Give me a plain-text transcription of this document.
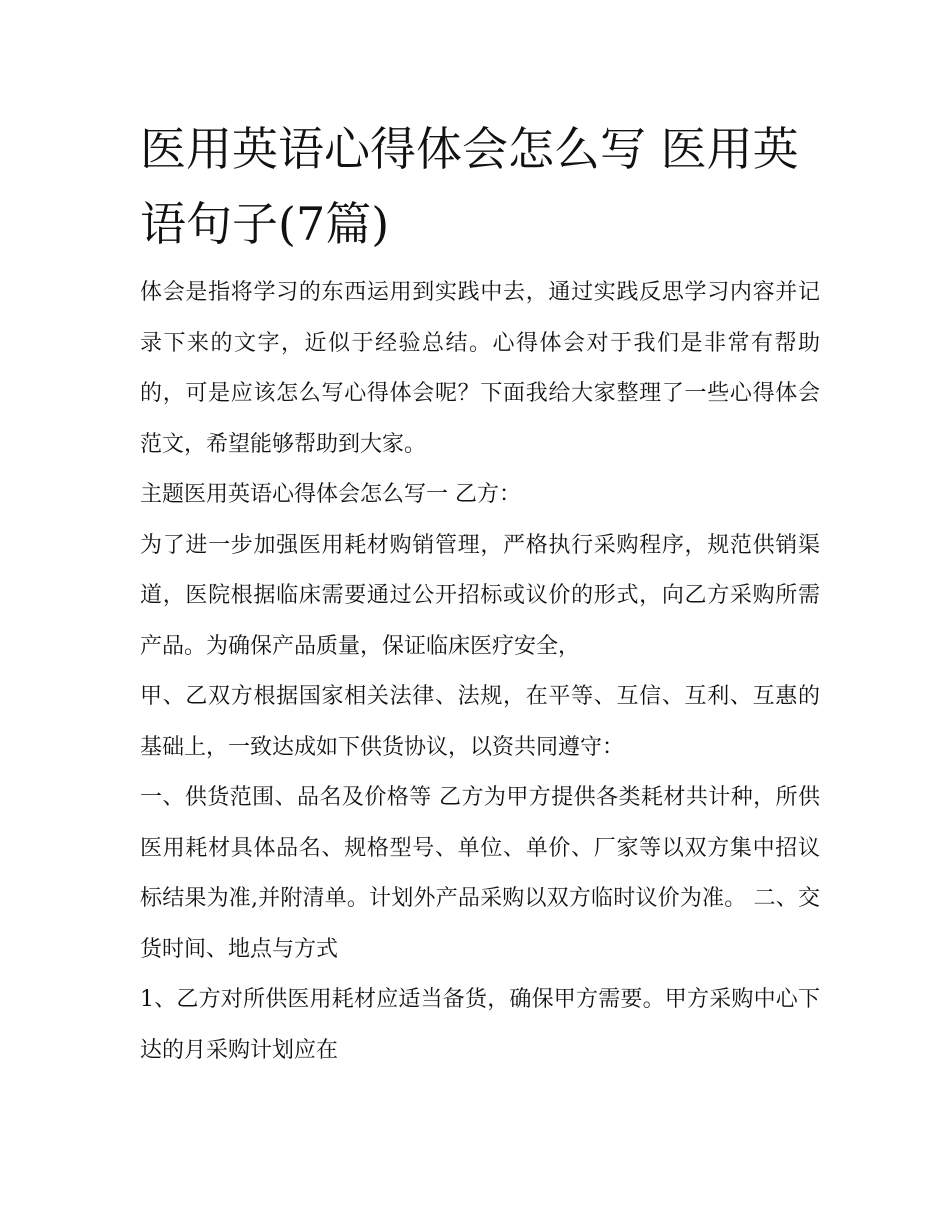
医用英语心得体会怎么写 医用英语句子(7篇)

体会是指将学习的东西运用到实践中去，通过实践反思学习内容并记录下来的文字，近似于经验总结。心得体会对于我们是非常有帮助的，可是应该怎么写心得体会呢？下面我给大家整理了一些心得体会范文，希望能够帮助到大家。

主题医用英语心得体会怎么写一 乙方：

为了进一步加强医用耗材购销管理，严格执行采购程序，规范供销渠道，医院根据临床需要通过公开招标或议价的形式，向乙方采购所需产品。为确保产品质量，保证临床医疗安全，

甲、乙双方根据国家相关法律、法规，在平等、互信、互利、互惠的基础上，一致达成如下供货协议，以资共同遵守：

一、供货范围、品名及价格等 乙方为甲方提供各类耗材共计种，所供医用耗材具体品名、规格型号、单位、单价、厂家等以双方集中招议标结果为准,并附清单。计划外产品采购以双方临时议价为准。 二、交货时间、地点与方式

1、乙方对所供医用耗材应适当备货，确保甲方需要。甲方采购中心下达的月采购计划应在
